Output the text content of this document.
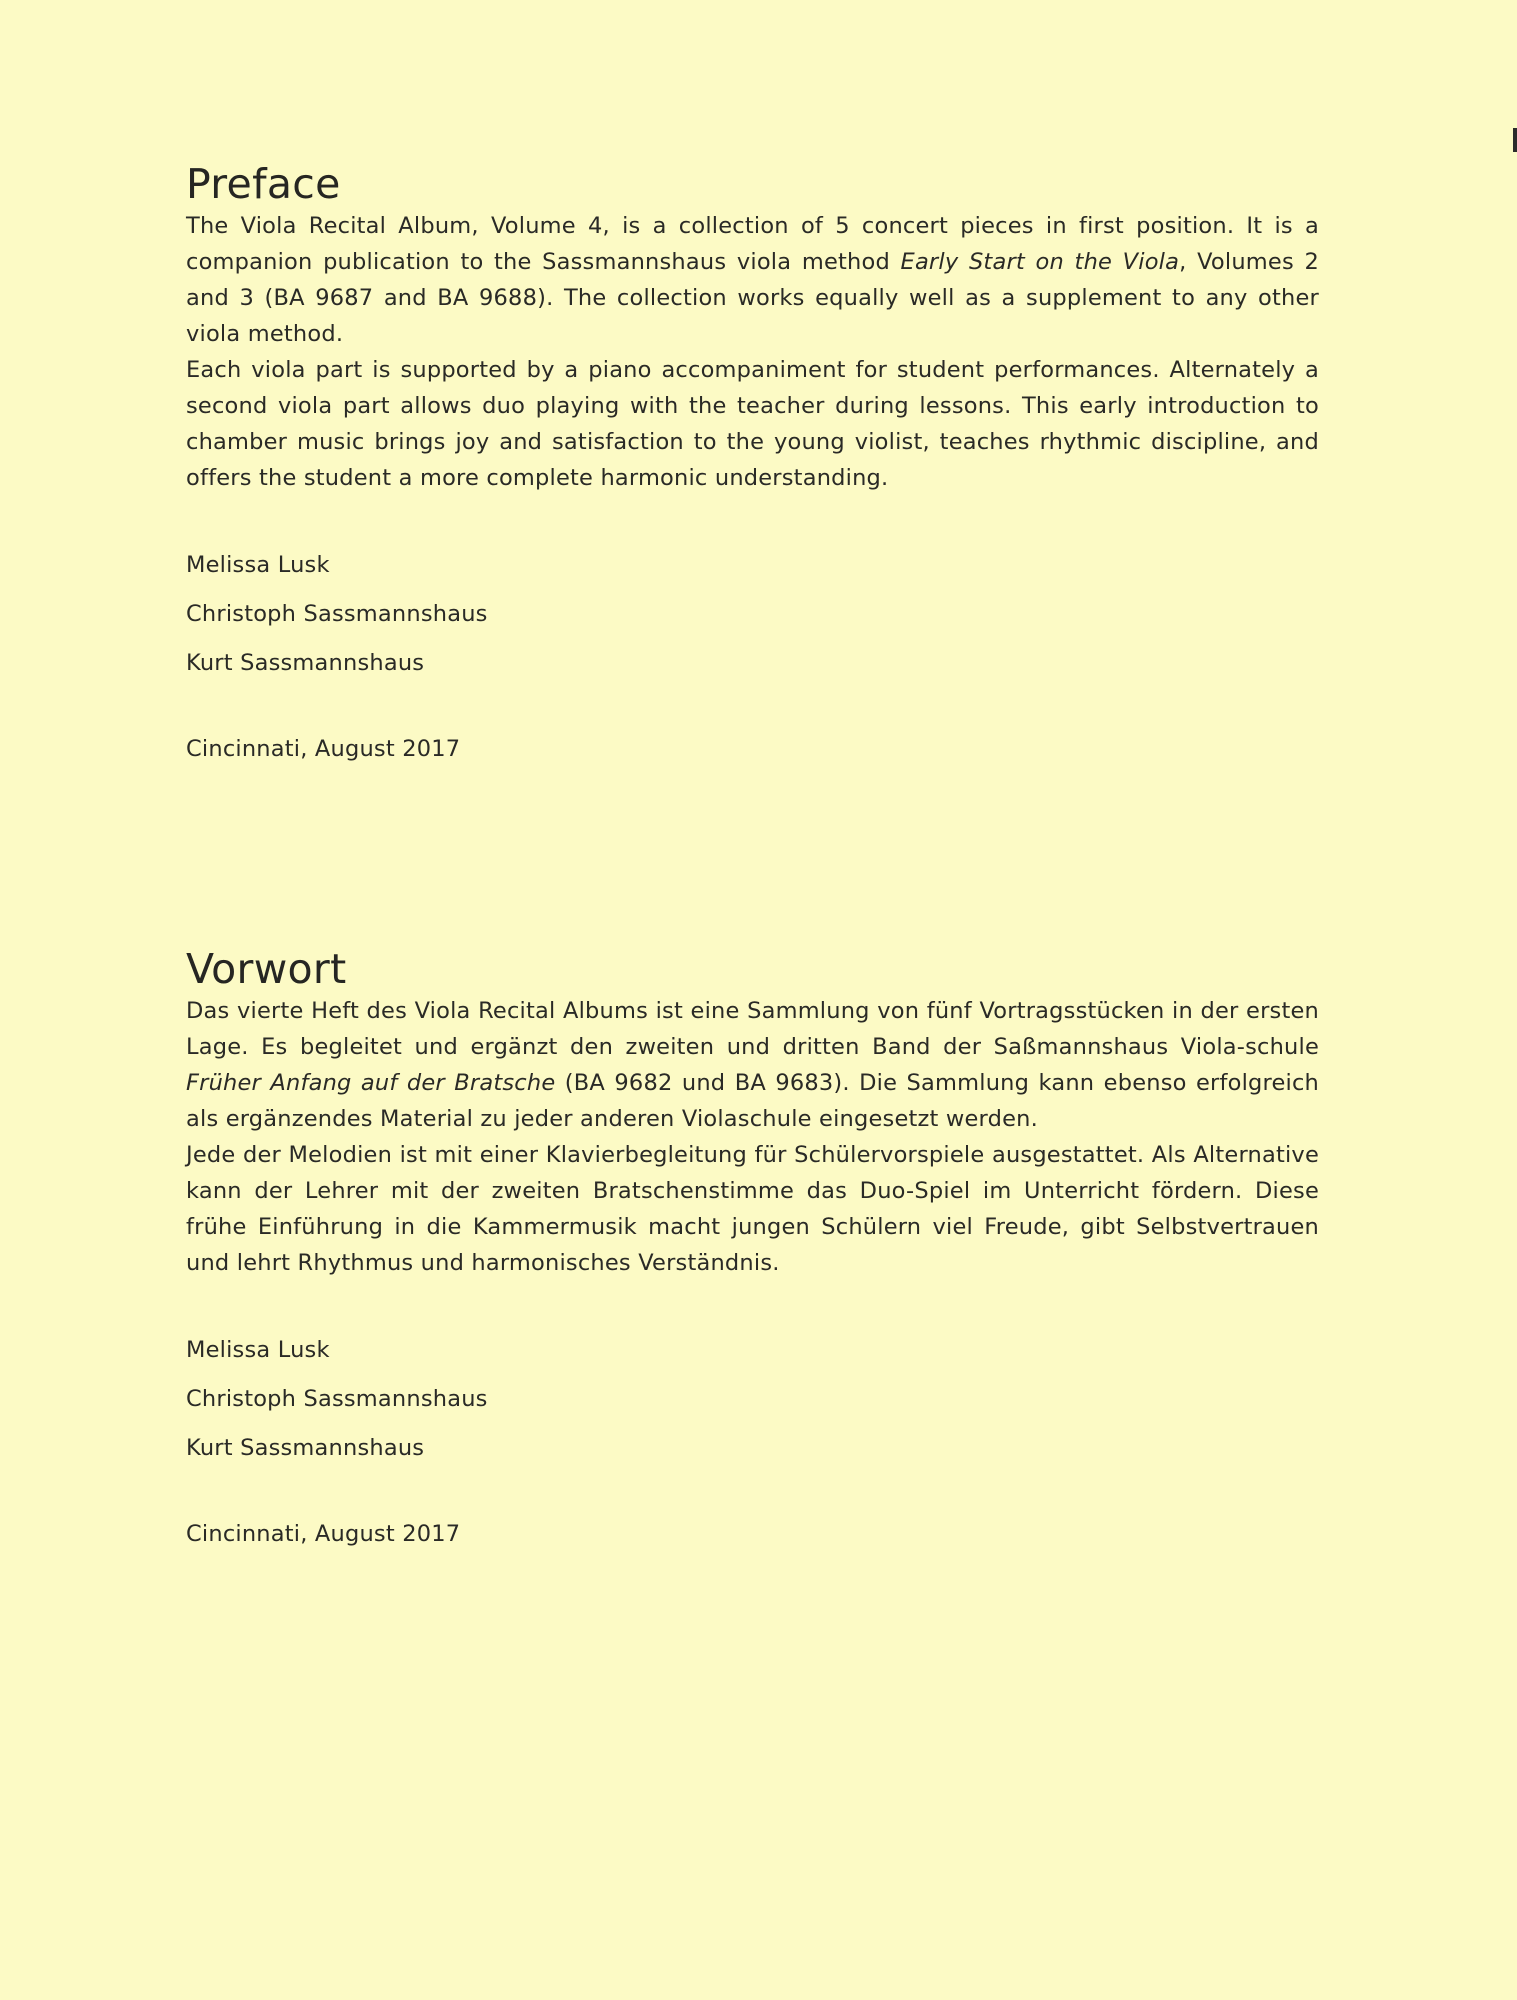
Preface

The Viola Recital Album, Volume 4, is a collection of 5 concert pieces in first position. It is a companion publication to the Sassmannshaus viola method Early Start on the Viola, Volumes 2 and 3 (BA 9687 and BA 9688). The collection works equally well as a supplement to any other viola method.

Each viola part is supported by a piano accompaniment for student performances. Alternately a second viola part allows duo playing with the teacher during lessons. This early introduction to chamber music brings joy and satisfaction to the young violist, teaches rhythmic discipline, and offers the student a more complete harmonic understanding.

Melissa Lusk
Christoph Sassmannshaus
Kurt Sassmannshaus
Cincinnati, August 2017
Vorwort

Das vierte Heft des Viola Recital Albums ist eine Sammlung von fünf Vortragsstücken in der ersten Lage. Es begleitet und ergänzt den zweiten und dritten Band der Saßmannshaus Viola-schule Früher Anfang auf der Bratsche (BA 9682 und BA 9683). Die Sammlung kann ebenso erfolgreich als ergänzendes Material zu jeder anderen Violaschule eingesetzt werden.

Jede der Melodien ist mit einer Klavierbegleitung für Schülervorspiele ausgestattet. Als Alternative kann der Lehrer mit der zweiten Bratschenstimme das Duo-Spiel im Unterricht fördern. Diese frühe Einführung in die Kammermusik macht jungen Schülern viel Freude, gibt Selbstvertrauen und lehrt Rhythmus und harmonisches Verständnis.

Melissa Lusk
Christoph Sassmannshaus
Kurt Sassmannshaus
Cincinnati, August 2017
